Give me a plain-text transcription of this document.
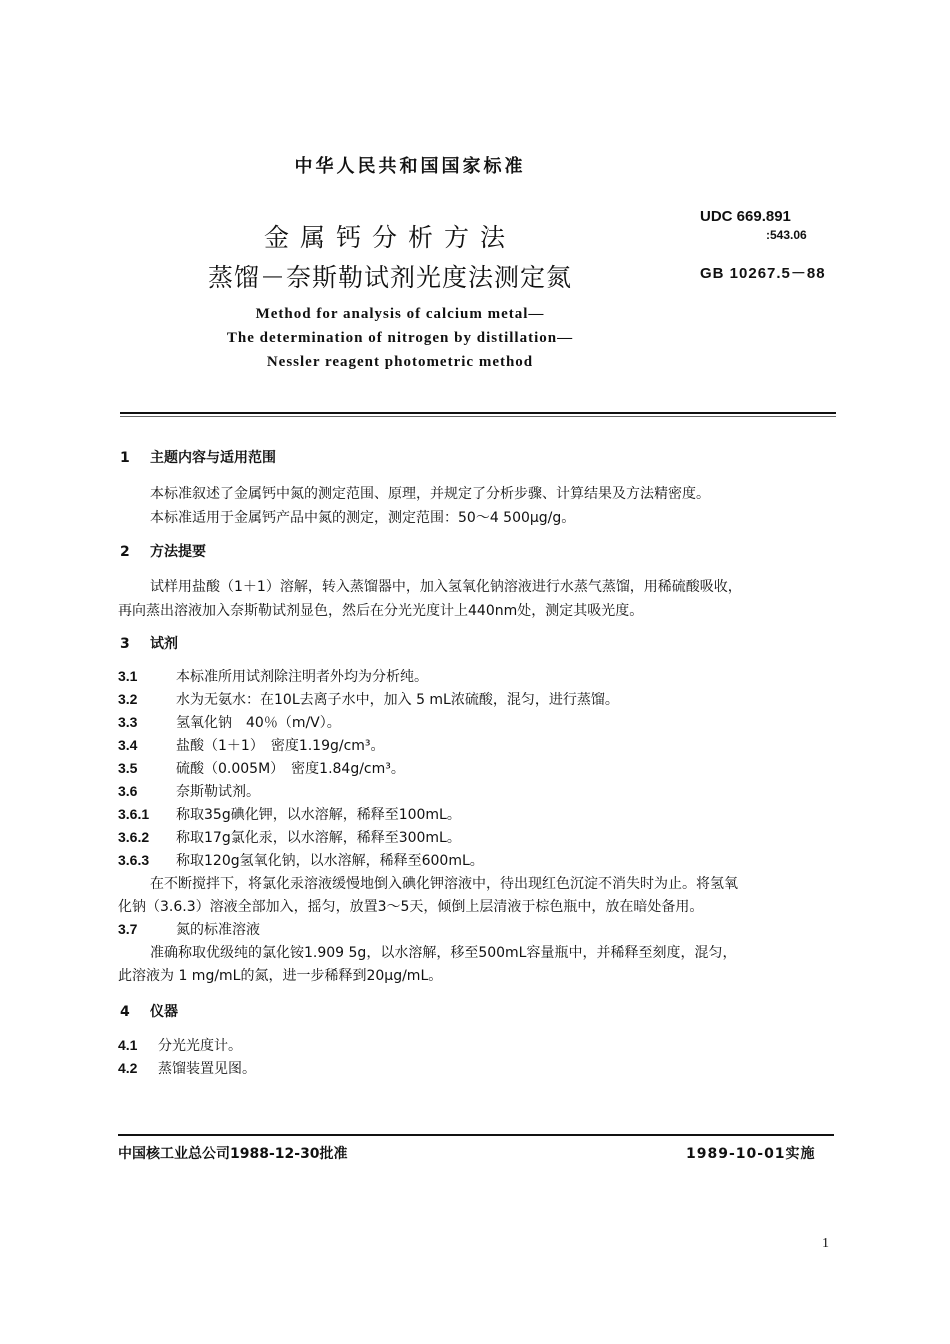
中华人民共和国国家标准
金属钙分析方法
蒸馏－奈斯勒试剂光度法测定氮
UDC 669.891
:543.06
GB 10267.5－88
Method for analysis of calcium metal—
The determination of nitrogen by distillation—
Nessler reagent photometric method
1 主题内容与适用范围
本标准叙述了金属钙中氮的测定范围、原理，并规定了分析步骤、计算结果及方法精密度。
本标准适用于金属钙产品中氮的测定，测定范围：50～4 500μg/g。
2 方法提要
试样用盐酸（1＋1）溶解，转入蒸馏器中，加入氢氧化钠溶液进行水蒸气蒸馏，用稀硫酸吸收，
再向蒸出溶液加入奈斯勒试剂显色，然后在分光光度计上440nm处，测定其吸光度。
3 试剂
3.1	本标准所用试剂除注明者外均为分析纯。
3.2	水为无氨水：在10L去离子水中，加入 5 mL浓硫酸，混匀，进行蒸馏。
3.3	氢氧化钠　40％（m/V）。
3.4	盐酸（1＋1）　密度1.19g/cm³。
3.5	硫酸（0.005M）　密度1.84g/cm³。
3.6	奈斯勒试剂。
3.6.1 称取35g碘化钾，以水溶解，稀释至100mL。
3.6.2 称取17g氯化汞，以水溶解，稀释至300mL。
3.6.3 称取120g氢氧化钠，以水溶解，稀释至600mL。
在不断搅拌下，将氯化汞溶液缓慢地倒入碘化钾溶液中，待出现红色沉淀不消失时为止。将氢氧
化钠（3.6.3）溶液全部加入，摇匀，放置3～5天，倾倒上层清液于棕色瓶中，放在暗处备用。
3.7	氮的标准溶液
准确称取优级纯的氯化铵1.909 5g，以水溶解，移至500mL容量瓶中，并稀释至刻度，混匀，
此溶液为 1 mg/mL的氮，进一步稀释到20μg/mL。
4 仪器
4.1 分光光度计。
4.2 蒸馏装置见图。
中国核工业总公司1988-12-30批准	1989-10-01实施
1
